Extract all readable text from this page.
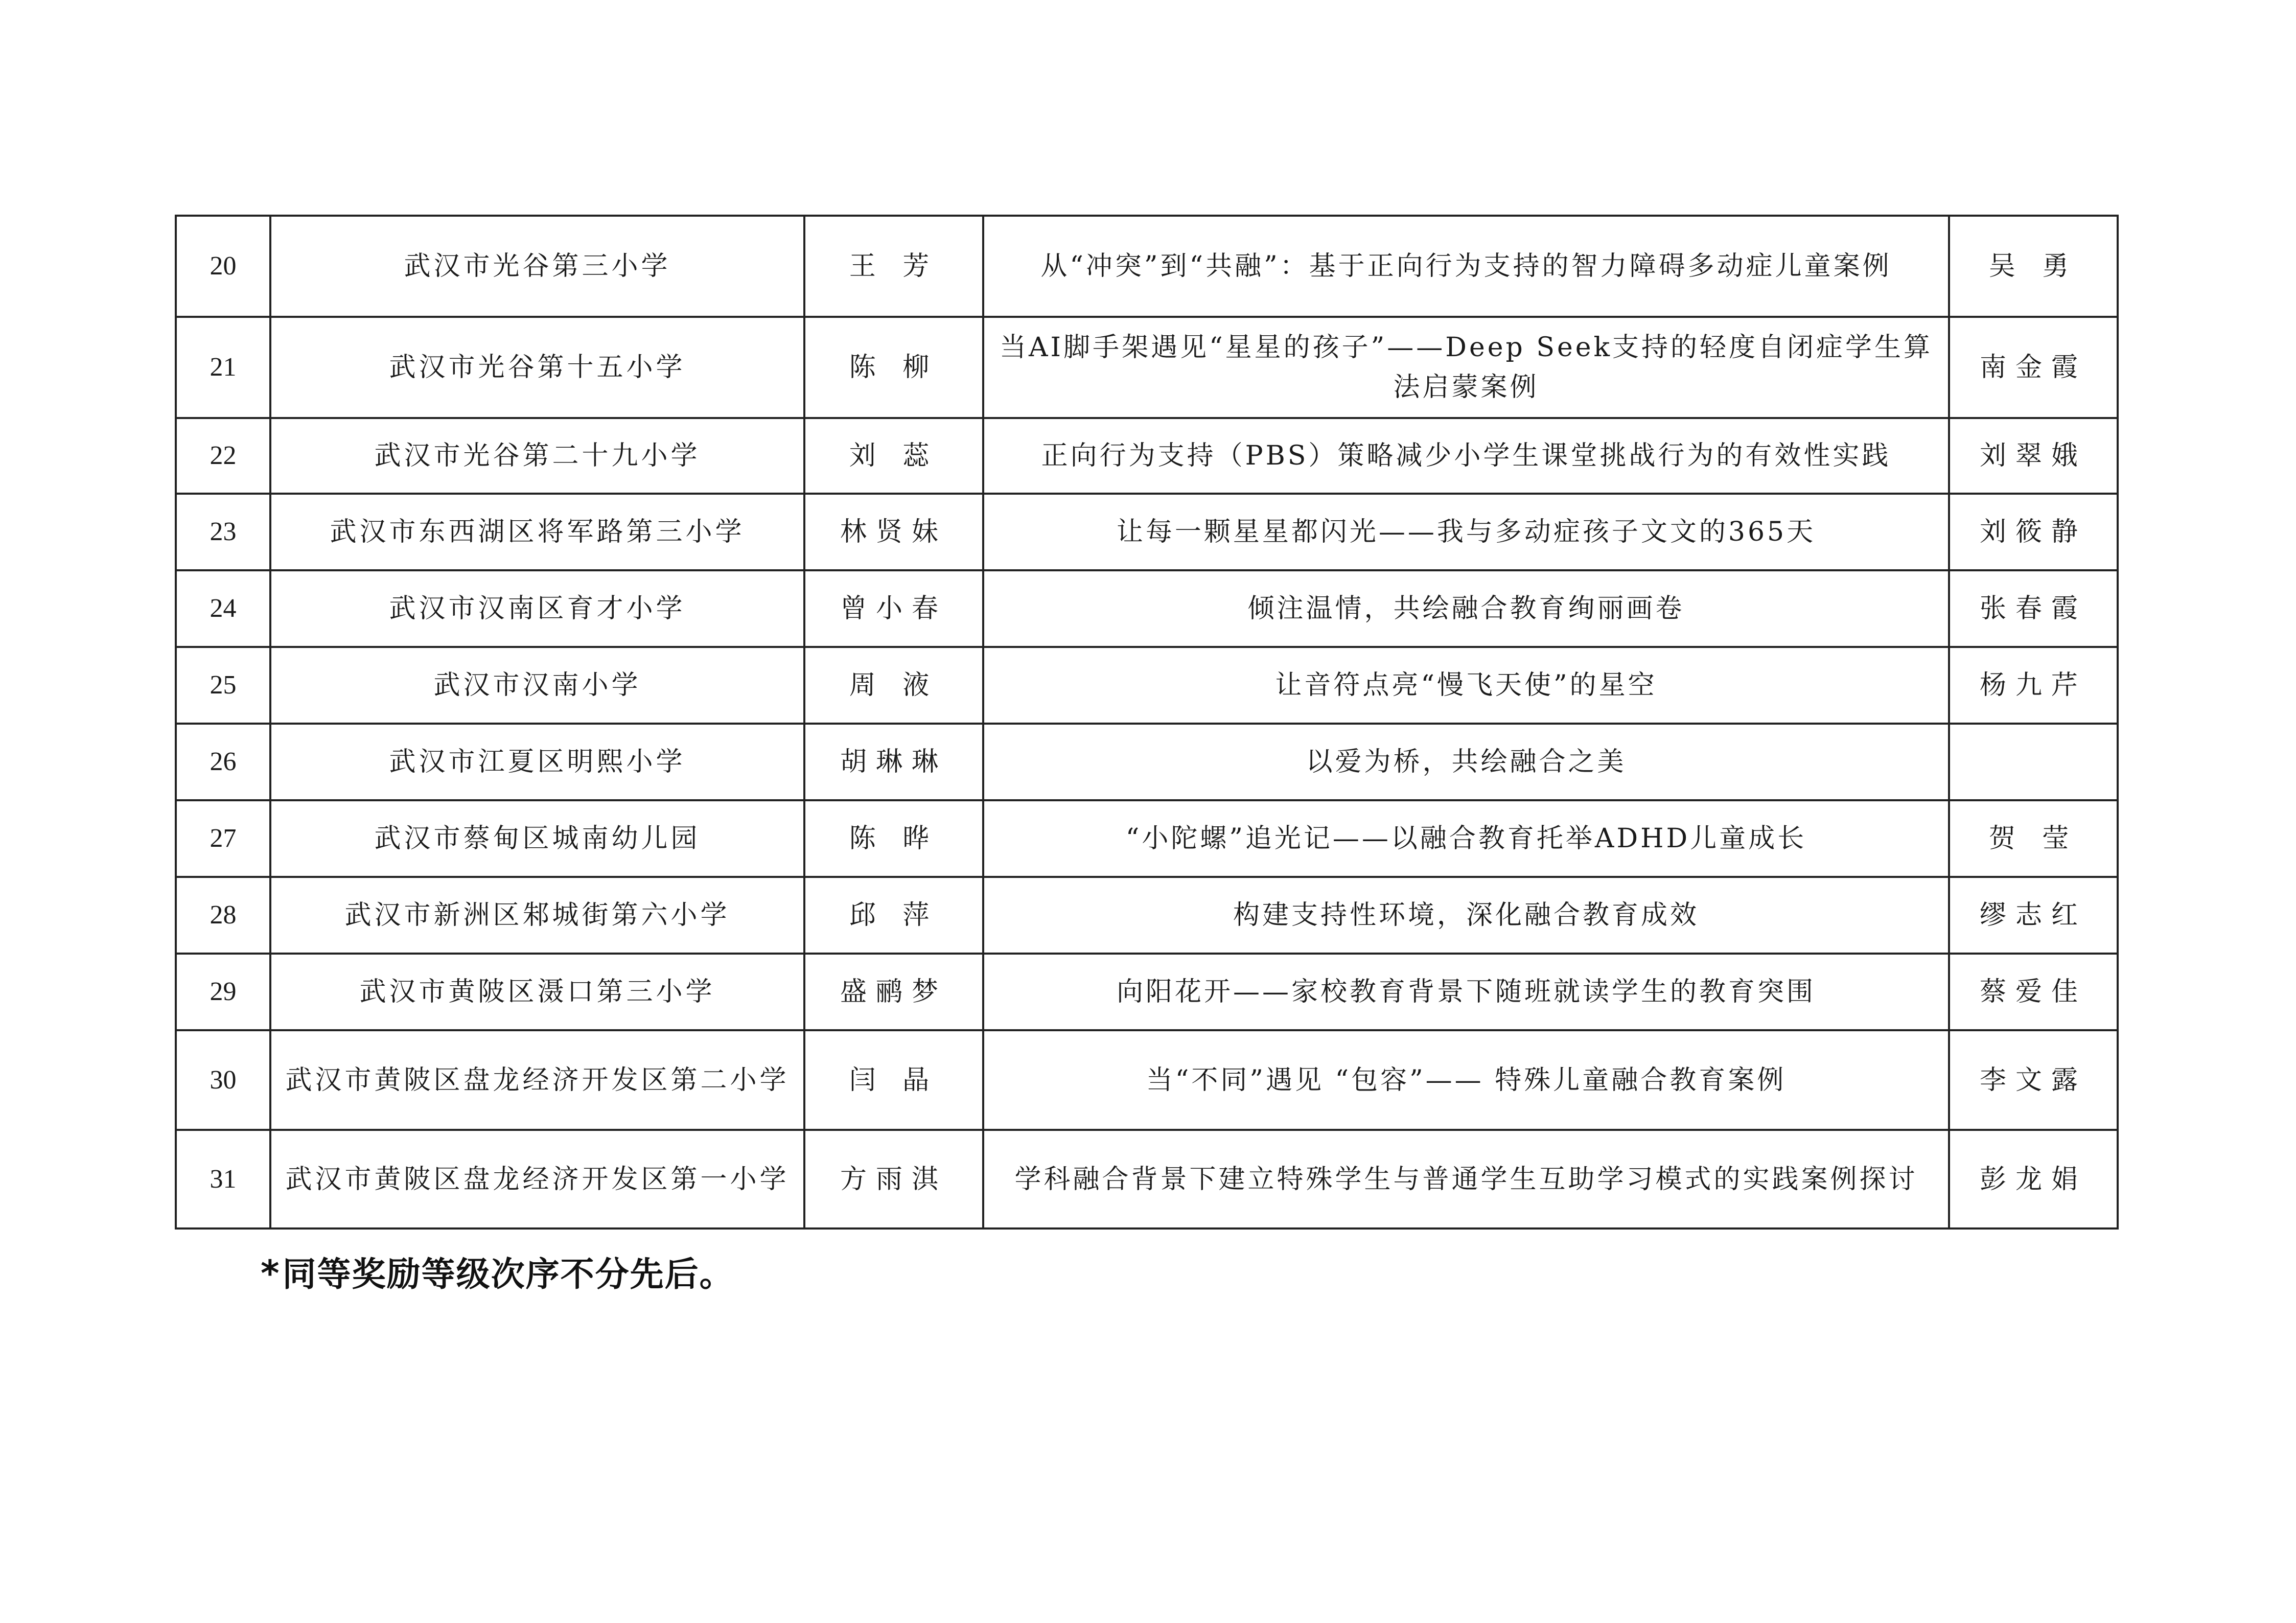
20	武汉市光谷第三小学	王 芳	从“冲突”到“共融”：基于正向行为支持的智力障碍多动症儿童案例	吴 勇
21	武汉市光谷第十五小学	陈 柳	当AI脚手架遇见“星星的孩子”——Deep Seek支持的轻度自闭症学生算法启蒙案例	南金霞
22	武汉市光谷第二十九小学	刘 蕊	正向行为支持（PBS）策略减少小学生课堂挑战行为的有效性实践	刘翠娥
23	武汉市东西湖区将军路第三小学	林贤妹	让每一颗星星都闪光——我与多动症孩子文文的365天	刘筱静
24	武汉市汉南区育才小学	曾小春	倾注温情，共绘融合教育绚丽画卷	张春霞
25	武汉市汉南小学	周 液	让音符点亮“慢飞天使”的星空	杨九芹
26	武汉市江夏区明熙小学	胡琳琳	以爱为桥，共绘融合之美	
27	武汉市蔡甸区城南幼儿园	陈 晔	“小陀螺”追光记——以融合教育托举ADHD儿童成长	贺 莹
28	武汉市新洲区邾城街第六小学	邱 萍	构建支持性环境，深化融合教育成效	缪志红
29	武汉市黄陂区滠口第三小学	盛鹂梦	向阳花开——家校教育背景下随班就读学生的教育突围	蔡爱佳
30	武汉市黄陂区盘龙经济开发区第二小学	闫 晶	当“不同”遇见 “包容”—— 特殊儿童融合教育案例	李文露
31	武汉市黄陂区盘龙经济开发区第一小学	方雨淇	学科融合背景下建立特殊学生与普通学生互助学习模式的实践案例探讨	彭龙娟
*同等奖励等级次序不分先后。
